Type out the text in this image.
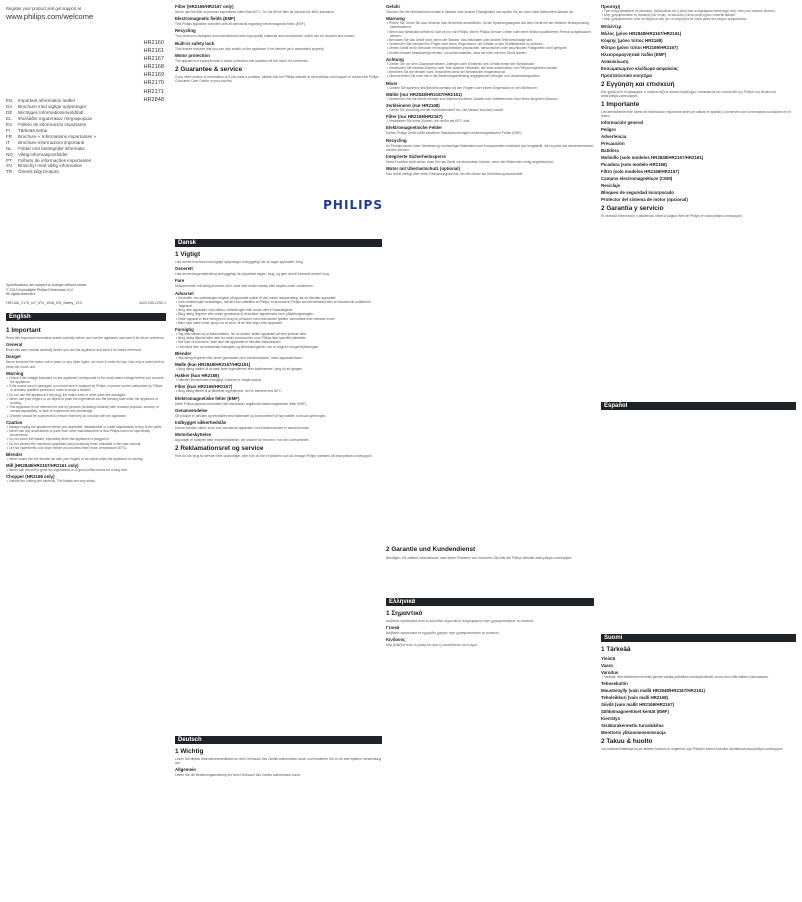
Register your product and get support at
www.philips.com/welcome
HR2160
HR2161
HR2167
HR2168
HR2169
HR2170
HR2171
HR2848
EN	Important information leaflet
DA	Brochure med vigtige oplysninger
DE	Wichtiges Informationsmerkblatt
EL	Φυλλάδιο σημαντικών πληροφοριών
ES	Folleto de información importante
FI	Tärkeää tietoa
FR	Brochure « Informations importantes »
IT	Brochure informazioni importanti
NL	Folder met belangrijke informatie
NO	Viktig informasjonsfolder
PT	Folheto de informações importantes
SV	Broschyr med viktig information
TR	Önemli bilgi broşürü
Specifications are subject to change without notice
© 2013 Koninklijke Philips Electronics N.V.
All rights reserved.
HR2160_2170_ILF_IFU_1948_EN_Safety_V10	4222.005.2250.1
English
1 Important
Read this important information leaflet carefully before you use the appliance and save it for future reference.
General
Read this user manual carefully before you use the appliance and save it for future reference.
Danger
Never immerse the motor unit in water or any other liquid, nor rinse it under the tap. Use only a moist cloth to clean the motor unit.
Warning
• Check if the voltage indicated on the appliance corresponds to the local mains voltage before you connect the appliance.
• If the mains cord is damaged, you must have it replaced by Philips, a service centre authorised by Philips or similarly qualified persons in order to avoid a hazard.
• Do not use the appliance if the plug, the mains cord or other parts are damaged.
• Never use your fingers or an object to push the ingredients into the feeding tube while the appliance is running.
• This appliance is not intended for use by persons (including children) with reduced physical, sensory or mental capabilities, or lack of experience and knowledge.
• Children should be supervised to ensure that they do not play with the appliance.
Caution
• Always unplug the appliance before you assemble, disassemble or make adjustments to any of the parts.
• Never use any accessories or parts from other manufacturers or that Philips does not specifically recommend.
• Do not touch the blades, especially when the appliance is plugged in.
• Do not exceed the maximum quantities and processing times indicated in the user manual.
• Let hot ingredients cool down before you process them (max. temperature 80°C).
Blender
• Never reach into the blender jar with your fingers or an object while the appliance is running.
Mill (HR2848/HR2167/HR2161 only)
• Never use the mill to grind dry ingredients or to grind coffee beans for a long time.
Chopper (HR2168 only)
• Handle the cutting unit carefully. The blades are very sharp.
Filter (HR2169/HR2167 only)
Never use the filter to process ingredients hotter than 80°C. Do not fill the filter jar beyond the MAX indication.
Electromagnetic fields (EMF)
This Philips appliance complies with all standards regarding electromagnetic fields (EMF).
Recycling
Your product is designed and manufactured with high quality materials and components, which can be recycled and reused.
Built-in safety lock
This feature ensures that you can only switch on the appliance if the blender jar is assembled properly.
Motor protection
The appliance is equipped with a motor protection that switches off the motor if it overheats.
2 Guarantee & service
If you need service or information or if you have a problem, please visit the Philips website at www.philips.com/support or contact the Philips Consumer Care Centre in your country.
PHILIPS
Dansk
1 Vigtigt
Læs denne brochure med vigtige oplysninger omhyggeligt, før du tager apparatet i brug.
Generelt
Læs denne brugervejledning omhyggeligt, før apparatet tages i brug, og gem den til eventuel senere brug.
Fare
Motorenheden må aldrig kommes ned i vand eller anden væske eller skylles under vandhanen.
Advarsel
• Kontrollér, om spændingen angivet på apparatet svarer til den lokale netspænding, før du tilslutter apparatet.
• Hvis netledningen beskadiges, må den kun udskiftes af Philips, et autoriseret Philips serviceværksted eller en tilsvarende kvalificeret fagmand.
• Brug ikke apparatet, hvis stikket, netledningen eller andre dele er beskadigede.
• Brug aldrig fingrene eller andre genstande til at skubbe ingredienser ned i påfyldningstragten.
• Dette apparat er ikke beregnet til brug for personer med reducerede fysiske, sensoriske eller mentale evner.
• Børn skal være under opsyn for at sikre, at de ikke leger med apparatet.
Forsigtig
• Tag altid stikket ud af stikkontakten, før du samler, skiller apparatet ad eller justerer dele.
• Brug aldrig tilbehør eller dele fra andre producenter, som Philips ikke specifikt anbefaler.
• Rør ikke ved knivene, især ikke når apparatet er tilsluttet stikkontakten.
• Overskrid ikke de maksimale mængder og tilberedningstider, der er angivet i brugervejledningen.
Blender
• Stik aldrig fingrene eller andre genstande ned i blenderkanden, mens apparatet kører.
Mølle (kun HR2848/HR2167/HR2161)
• Brug aldrig møllen til at male tørre ingredienser eller kaffebønner i lang tid ad gangen.
Hakker (kun HR2168)
• Håndter knivenheden forsigtigt. Knivene er meget skarpe.
Filter (kun HR2169/HR2167)
• Brug aldrig filteret til at tilberede ingredienser, der er varmere end 80°C.
Elektromagnetiske felter (EMF)
Dette Philips apparat overholder alle standarder angående elektromagnetiske felter (EMF).
Genanvendelse
Dit produkt er udviklet og fremstillet med materialer og komponenter af høj kvalitet, som kan genbruges.
Indbygget sikkerhedslås
Denne funktion sikrer, at du kun kan tænde apparatet, hvis blenderkanden er samlet korrekt.
Motorbeskyttelse
Apparatet er udstyret med motorbeskyttelse, der slukker for motoren, hvis den overophedes.
2 Reklamationsret og service
Hvis du har brug for service eller oplysninger, eller hvis du har et problem, kan du besøge Philips' websted på www.philips.com/support.
Deutsch
1 Wichtig
Lesen Sie dieses Informationsmerkblatt vor dem Gebrauch des Geräts aufmerksam durch und bewahren Sie es für eine spätere Verwendung auf.
Allgemein
Lesen Sie die Bedienungsanleitung vor dem Gebrauch des Geräts aufmerksam durch.
Gefahr
Tauchen Sie die Motoreinheit niemals in Wasser oder andere Flüssigkeiten und spülen Sie sie nicht unter fließendem Wasser ab.
Warnung
• Prüfen Sie, bevor Sie das Gerät an das Stromnetz anschließen, ob die Spannungsangabe auf dem Gerät mit der örtlichen Netzspannung übereinstimmt.
• Wenn das Netzkabel defekt ist, darf es nur von Philips, einem Philips Service-Center oder einer ähnlich qualifizierten Person ausgetauscht werden.
• Benutzen Sie das Gerät nicht, wenn der Stecker, das Netzkabel oder andere Teile beschädigt sind.
• Verwenden Sie niemals Ihre Finger oder einen Gegenstand, um Zutaten in den Einfüllschacht zu drücken.
• Dieses Gerät ist für Benutzer mit eingeschränkten physischen, sensorischen oder psychischen Fähigkeiten nicht geeignet.
• Kinder müssen beaufsichtigt werden, um sicherzustellen, dass sie nicht mit dem Gerät spielen.
Achtung
• Ziehen Sie vor dem Zusammensetzen, Zerlegen oder Einstellen des Geräts immer den Netzstecker.
• Verwenden Sie niemals Zubehör oder Teile anderer Hersteller, die nicht ausdrücklich von Philips empfohlen werden.
• Berühren Sie die Messer nicht, besonders wenn der Netzstecker eingesteckt ist.
• Überschreiten Sie nicht die in der Bedienungsanleitung angegebenen Mengen und Verarbeitungszeiten.
Mixer
• Greifen Sie während des Betriebs niemals mit den Fingern oder einem Gegenstand in den Mixbecher.
Mühle (nur HR2848/HR2167/HR2161)
• Verwenden Sie die Mühle niemals zum Mahlen trockener Zutaten oder Kaffeebohnen über einen längeren Zeitraum.
Zerkleinerer (nur HR2168)
• Gehen Sie vorsichtig mit der Schneideeinheit um. Die Messer sind sehr scharf.
Filter (nur HR2169/HR2167)
• Verarbeiten Sie keine Zutaten, die heißer als 80°C sind.
Elektromagnetische Felder
Dieses Philips Gerät erfüllt sämtliche Standards bezüglich elektromagnetischer Felder (EMF).
Recycling
Ihr Produkt wurde unter Verwendung hochwertiger Materialien und Komponenten entwickelt und hergestellt, die recycelt und wiederverwendet werden können.
Integrierte Sicherheitssperre
Diese Funktion stellt sicher, dass Sie das Gerät nur einschalten können, wenn der Mixbecher richtig angebracht ist.
Motor mit Überlastschutz (optional)
Das Gerät verfügt über einen Überlastungsschutz, der den Motor bei Überhitzung ausschaltet.
2 Garantie und Kundendienst
Benötigen Sie weitere Informationen oder treten Probleme auf, besuchen Sie bitte die Philips Website www.philips.com/support.
Ελληνικά
1 Σημαντικό
Διαβάστε προσεκτικά αυτό το φυλλάδιο σημαντικών πληροφοριών πριν χρησιμοποιήσετε τη συσκευή.
Γενικά
Διαβάστε προσεκτικά το εγχειρίδιο χρήσης πριν χρησιμοποιήσετε τη συσκευή.
Κίνδυνος
Μην βυθίζετε ποτέ το μοτέρ σε νερό ή οποιοδήποτε άλλο υγρό.
Προσοχή
• Πριν ενεργοποιήσετε τη συσκευή, βεβαιωθείτε ότι η τάση που αναγράφεται αντιστοιχεί στην τάση του τοπικού δικτύου.
• Μην χρησιμοποιείτε τη συσκευή εάν το φις, το καλώδιο ή άλλα μέρη έχουν υποστεί φθορά.
• Μην χρησιμοποιείτε ποτέ τα δάχτυλά σας για να σπρώξετε τα υλικά μέσα στο στόμιο τροφοδοσίας.
Μπλέντερ
Μύλος (μόνο HR2848/HR2167/HR2161)
Κόφτης (μόνο τύπος HR2168)
Φίλτρο (μόνο τύποι HR2169/HR2167)
Ηλεκτρομαγνητικά πεδία (EMF)
Ανακύκλωση
Ενσωματωμένο κλείδωμα ασφαλείας
Προστατευτικό κινητήρα
2 Εγγύηση και επισκευή
Εάν χρειάζεστε πληροφορίες ή αντιμετωπίζετε κάποιο πρόβλημα, επισκεφτείτε την ιστοσελίδα της Philips στη διεύθυνση www.philips.com/support.
Español
1 Importante
Lea atentamente este folleto de información importante antes de utilizar el aparato y consérvelo por si necesitara consultarlo en el futuro.
Información general
Peligro
Advertencia
Precaución
Batidora
Molinillo (solo modelos HR2848/HR2167/HR2161)
Picadora (solo modelo HR2168)
Filtro (solo modelos HR2169/HR2167)
Campos electromagnéticos (CEM)
Reciclaje
Bloqueo de seguridad incorporado
Protector del sistema de motor (opcional)
2 Garantía y servicio
Si necesita información o asistencia, visite la página Web de Philips en www.philips.com/support.
Suomi
1 Tärkeää
Yleistä
Vaara
Varoitus
• Tarkista, että laitteeseen merkitty jännite vastaa paikallista verkkojännitettä, ennen kuin liität laitteen pistorasiaan.
Tehosekoitin
Maustemylly (vain mallit HR2848/HR2167/HR2161)
Teholeikkuri (vain malli HR2168)
Siivilä (vain mallit HR2169/HR2167)
Sähkömagneettiset kentät (EMF)
Kierrätys
Sisäänrakennettu turvalukitus
Moottorin ylikuumenemissuoja
2 Takuu & huolto
Jos tarvitset lisätietoja tai jos laitteen kanssa on ongelmia, käy Philipsin Internet-sivuilla osoitteessa www.philips.com/support.
